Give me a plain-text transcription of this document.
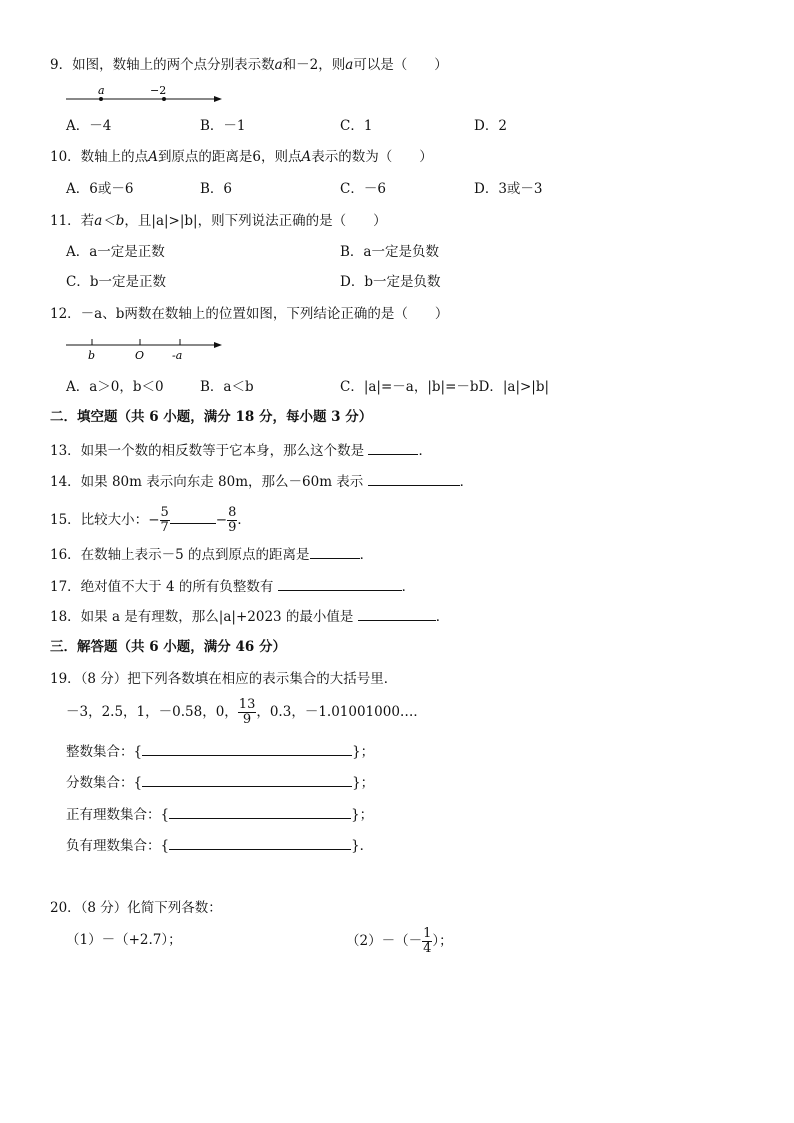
9．如图，数轴上的两个点分别表示数a和－2，则a可以是（　　）
a	−2
A．－4	B．－1	C．1	D．2
10．数轴上的点A到原点的距离是6，则点A表示的数为（　　）
A．6或－6	B．6	C．－6	D．3或－3
11．若a＜b，且|a|>|b|，则下列说法正确的是（　　）
A．a一定是正数	B．a一定是负数
C．b一定是正数	D．b一定是负数
12．－a、b两数在数轴上的位置如图，下列结论正确的是（　　）
b	O	-a
A．a＞0，b＜0	B．a＜b	C．|a|=－a，|b|=－bD．|a|>|b|
二．填空题（共 6 小题，满分 18 分，每小题 3 分）
13．如果一个数的相反数等于它本身，那么这个数是	．
14．如果 80m 表示向东走 80m，那么－60m 表示	．
15．比较大小：− $\frac{5}{7}$	− $\frac{8}{9}$ ．
16．在数轴上表示－5 的点到原点的距离是	．
17．绝对值不大于 4 的所有负整数有	．
18．如果 a 是有理数，那么|a|+2023 的最小值是	．
三．解答题（共 6 小题，满分 46 分）
19．（8 分）把下列各数填在相应的表示集合的大括号里．
－3，2.5，1，－0.58，0， $\frac{13}{9}$ ，0.3，－1.01001000…．
整数集合：{	}；
分数集合：{	}；
正有理数集合：{	}；
负有理数集合：{	}．
20．（8 分）化简下列各数：
（1）－（+2.7）；	$(2)-(- \frac{1}{4}$ ）；
